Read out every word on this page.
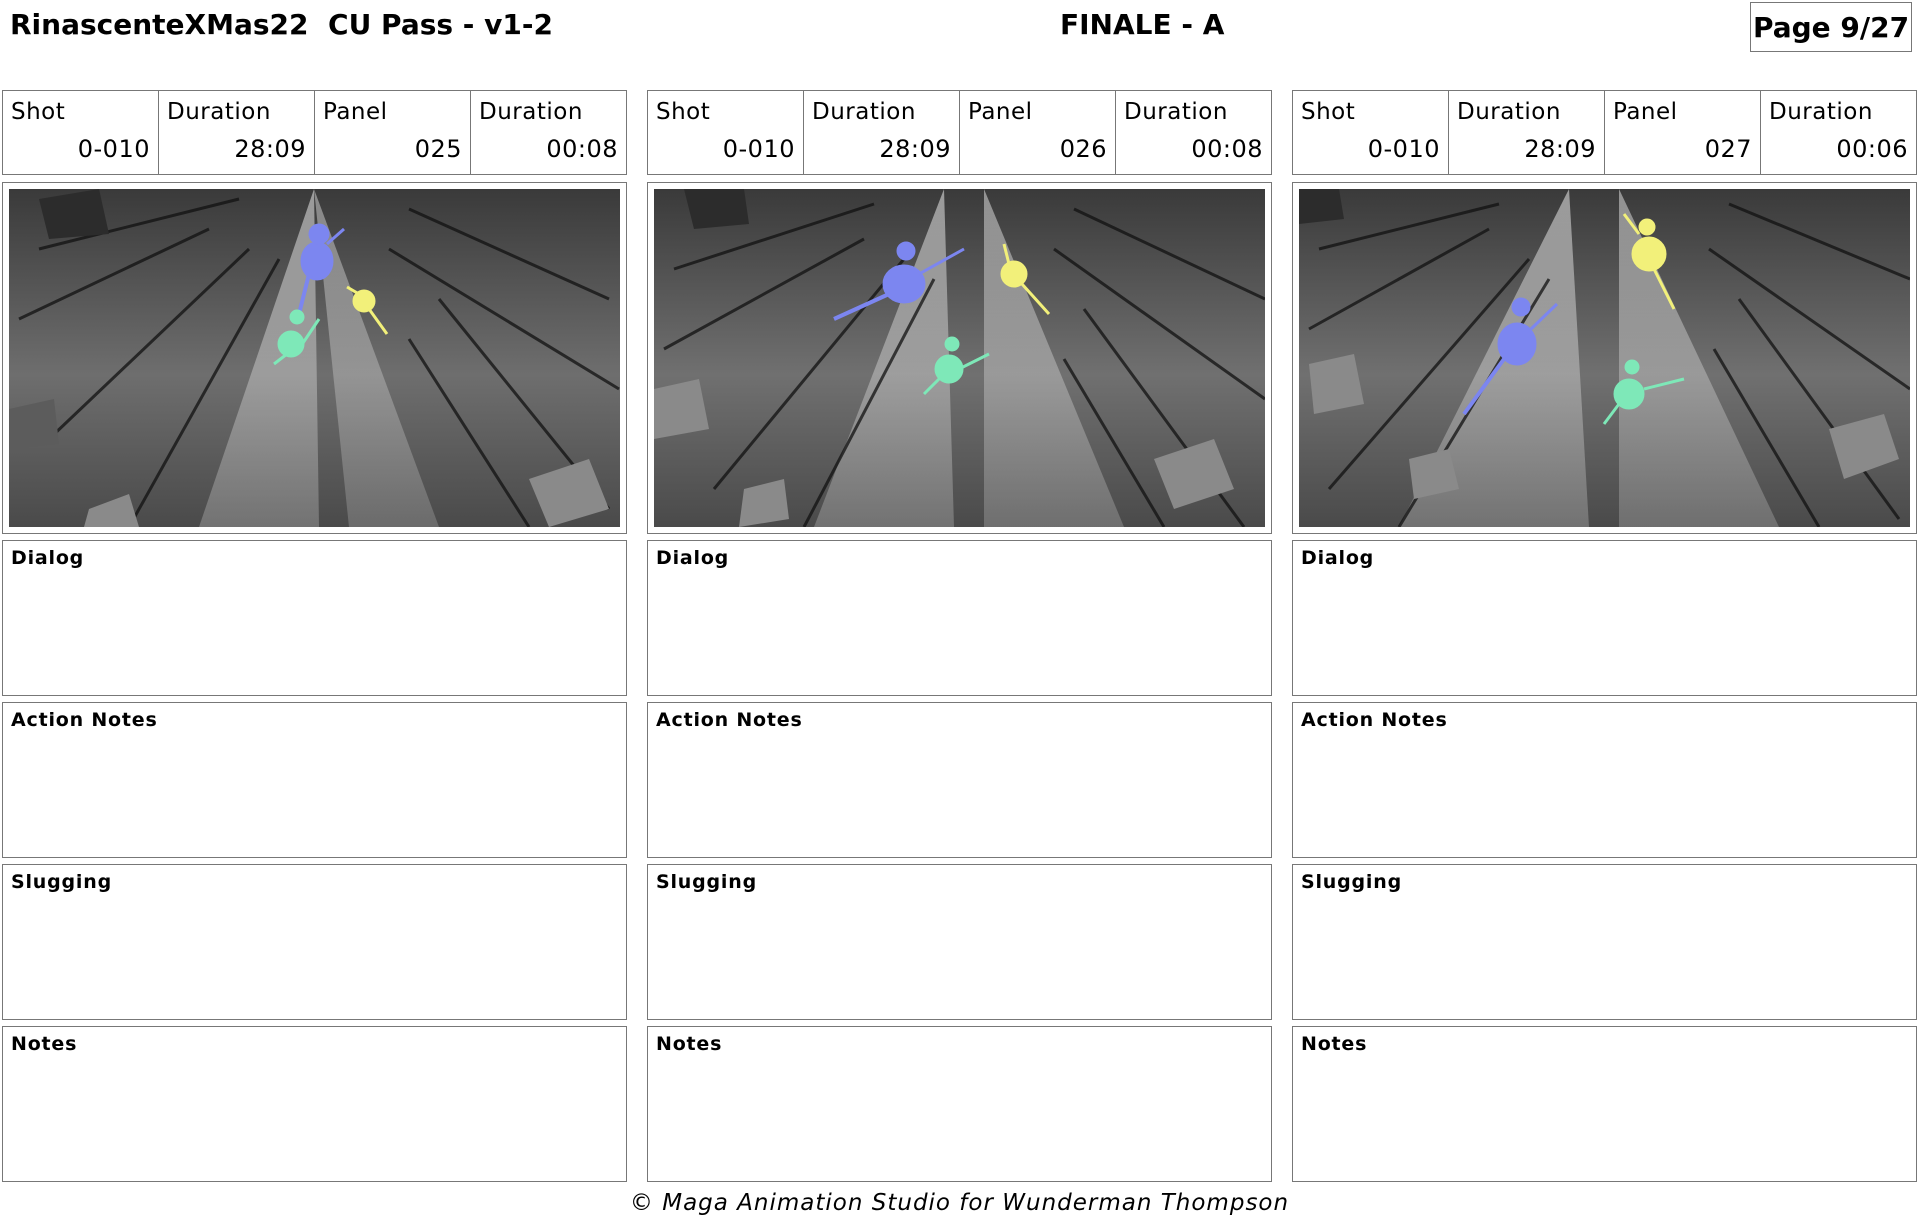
RinascenteXMas22  CU Pass - v1-2	FINALE - A	Page 9/27
Shot
0-010
Duration
28:09
Panel
025
Duration
00:08
Dialog
Action Notes
Slugging
Notes
Shot
0-010
Duration
28:09
Panel
026
Duration
00:08
Dialog
Action Notes
Slugging
Notes
Shot
0-010
Duration
28:09
Panel
027
Duration
00:06
Dialog
Action Notes
Slugging
Notes
© Maga Animation Studio for Wunderman Thompson
